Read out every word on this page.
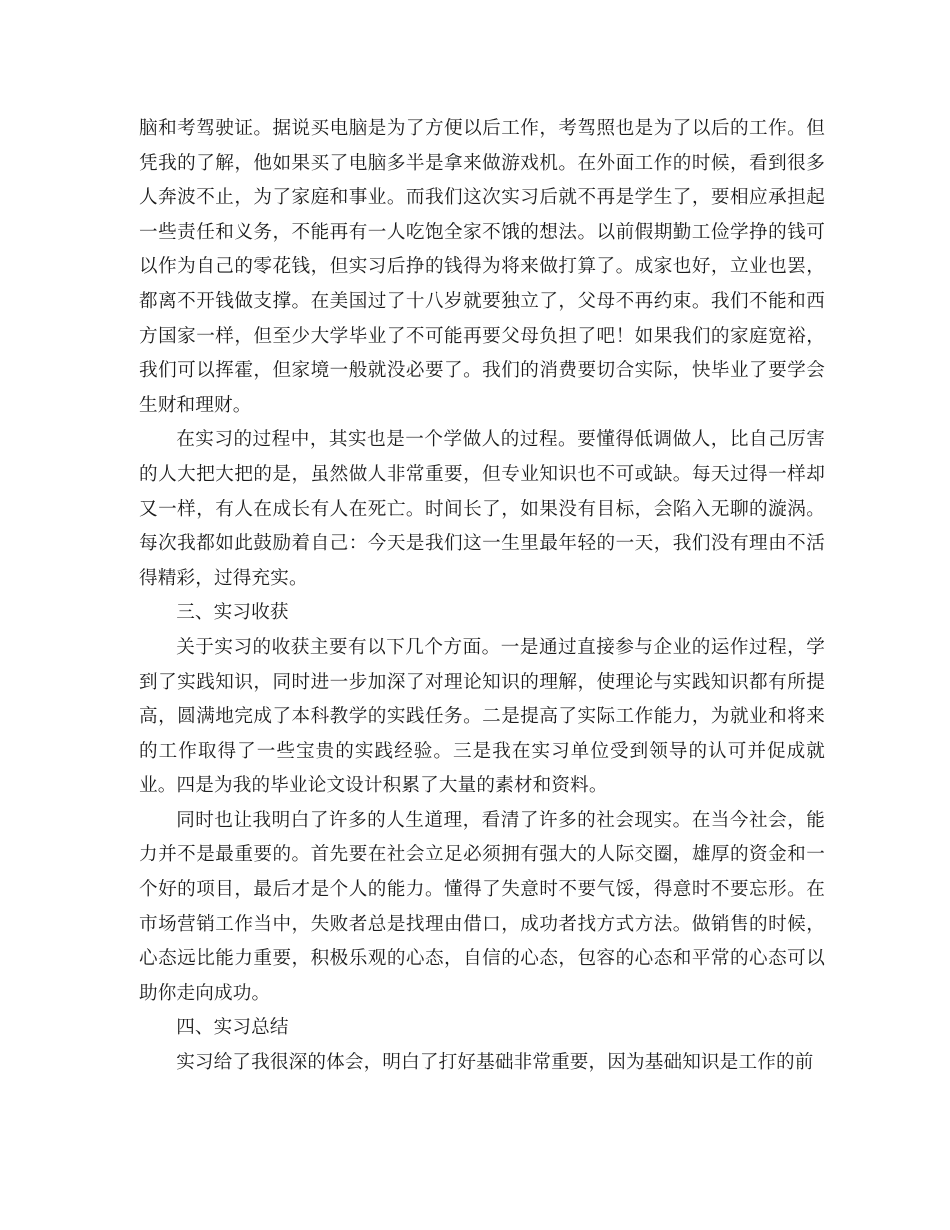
脑和考驾驶证。据说买电脑是为了方便以后工作，考驾照也是为了以后的工作。但凭我的了解，他如果买了电脑多半是拿来做游戏机。在外面工作的时候，看到很多人奔波不止，为了家庭和事业。而我们这次实习后就不再是学生了，要相应承担起一些责任和义务，不能再有一人吃饱全家不饿的想法。以前假期勤工俭学挣的钱可以作为自己的零花钱，但实习后挣的钱得为将来做打算了。成家也好，立业也罢，都离不开钱做支撑。在美国过了十八岁就要独立了，父母不再约束。我们不能和西方国家一样，但至少大学毕业了不可能再要父母负担了吧！如果我们的家庭宽裕，我们可以挥霍，但家境一般就没必要了。我们的消费要切合实际，快毕业了要学会生财和理财。

在实习的过程中，其实也是一个学做人的过程。要懂得低调做人，比自己厉害的人大把大把的是，虽然做人非常重要，但专业知识也不可或缺。每天过得一样却又一样，有人在成长有人在死亡。时间长了，如果没有目标，会陷入无聊的漩涡。每次我都如此鼓励着自己：今天是我们这一生里最年轻的一天，我们没有理由不活得精彩，过得充实。

三、实习收获

关于实习的收获主要有以下几个方面。一是通过直接参与企业的运作过程，学到了实践知识，同时进一步加深了对理论知识的理解，使理论与实践知识都有所提高，圆满地完成了本科教学的实践任务。二是提高了实际工作能力，为就业和将来的工作取得了一些宝贵的实践经验。三是我在实习单位受到领导的认可并促成就业。四是为我的毕业论文设计积累了大量的素材和资料。

同时也让我明白了许多的人生道理，看清了许多的社会现实。在当今社会，能力并不是最重要的。首先要在社会立足必须拥有强大的人际交圈，雄厚的资金和一个好的项目，最后才是个人的能力。懂得了失意时不要气馁，得意时不要忘形。在市场营销工作当中，失败者总是找理由借口，成功者找方式方法。做销售的时候，心态远比能力重要，积极乐观的心态，自信的心态，包容的心态和平常的心态可以助你走向成功。

四、实习总结

实习给了我很深的体会，明白了打好基础非常重要，因为基础知识是工作的前
